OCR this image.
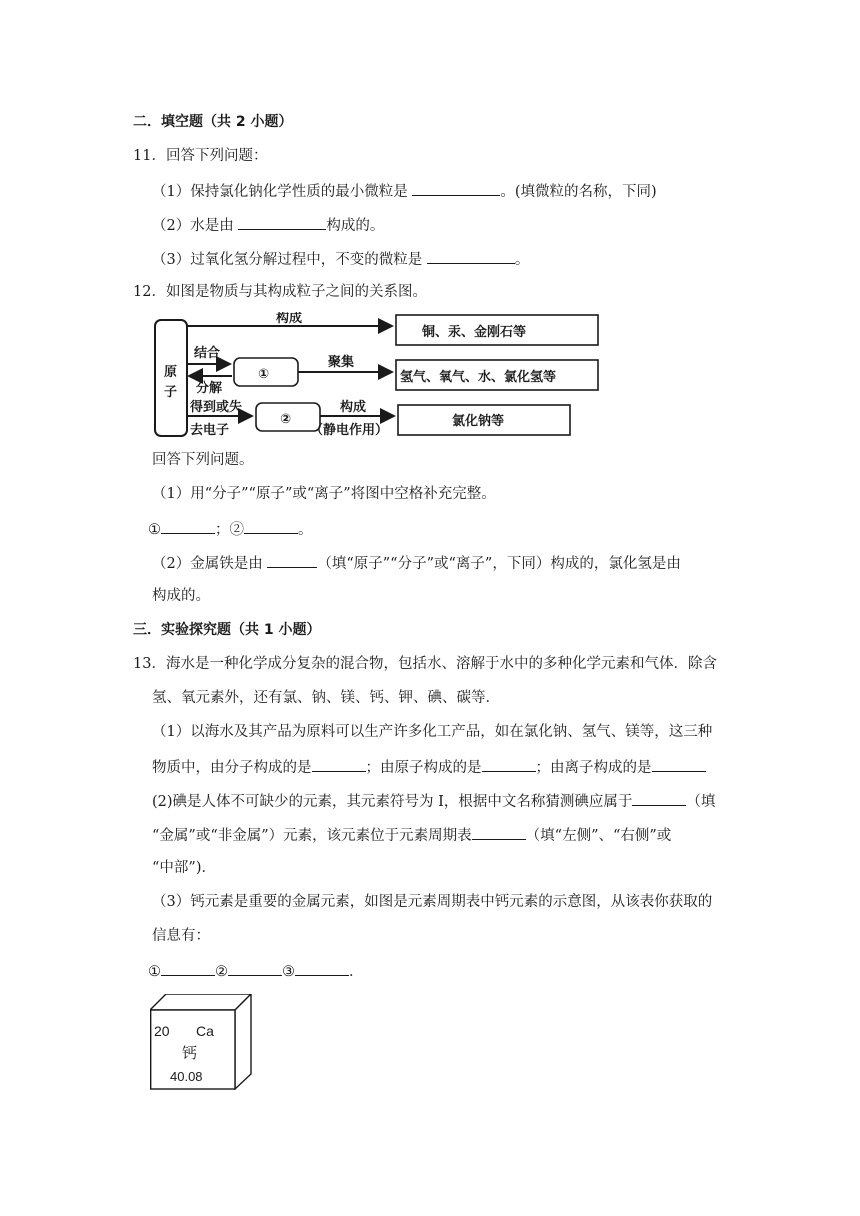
二．填空题（共 2 小题）
11．回答下列问题：
（1）保持氯化钠化学性质的最小微粒是	。(填微粒的名称，下同)
（2）水是由	构成的。
（3）过氧化氢分解过程中，不变的微粒是	。
12．如图是物质与其构成粒子之间的关系图。
原
子
构成
铜、汞、金刚石等
结合
分解
①
聚集
氢气、氧气、水、氯化氢等
得到或失
去电子
②
构成
（静电作用）
氯化钠等
回答下列问题。
（1）用“分子”“原子”或“离子”将图中空格补充完整。
①	；②	。
（2）金属铁是由	（填“原子”“分子”或“离子”，下同）构成的，氯化氢是由
构成的。
三．实验探究题（共 1 小题）
13．海水是一种化学成分复杂的混合物，包括水、溶解于水中的多种化学元素和气体．除含
氢、氧元素外，还有氯、钠、镁、钙、钾、碘、碳等．
（1）以海水及其产品为原料可以生产许多化工产品，如在氯化钠、氢气、镁等，这三种
物质中，由分子构成的是	；由原子构成的是	；由离子构成的是
(2)碘是人体不可缺少的元素，其元素符号为 I，根据中文名称猜测碘应属于	（填
“金属”或“非金属”）元素，该元素位于元素周期表	（填“左侧”、“右侧”或
“中部”)．
（3）钙元素是重要的金属元素，如图是元素周期表中钙元素的示意图，从该表你获取的
信息有：
①	②	③	．
20 Ca
钙
40.08
